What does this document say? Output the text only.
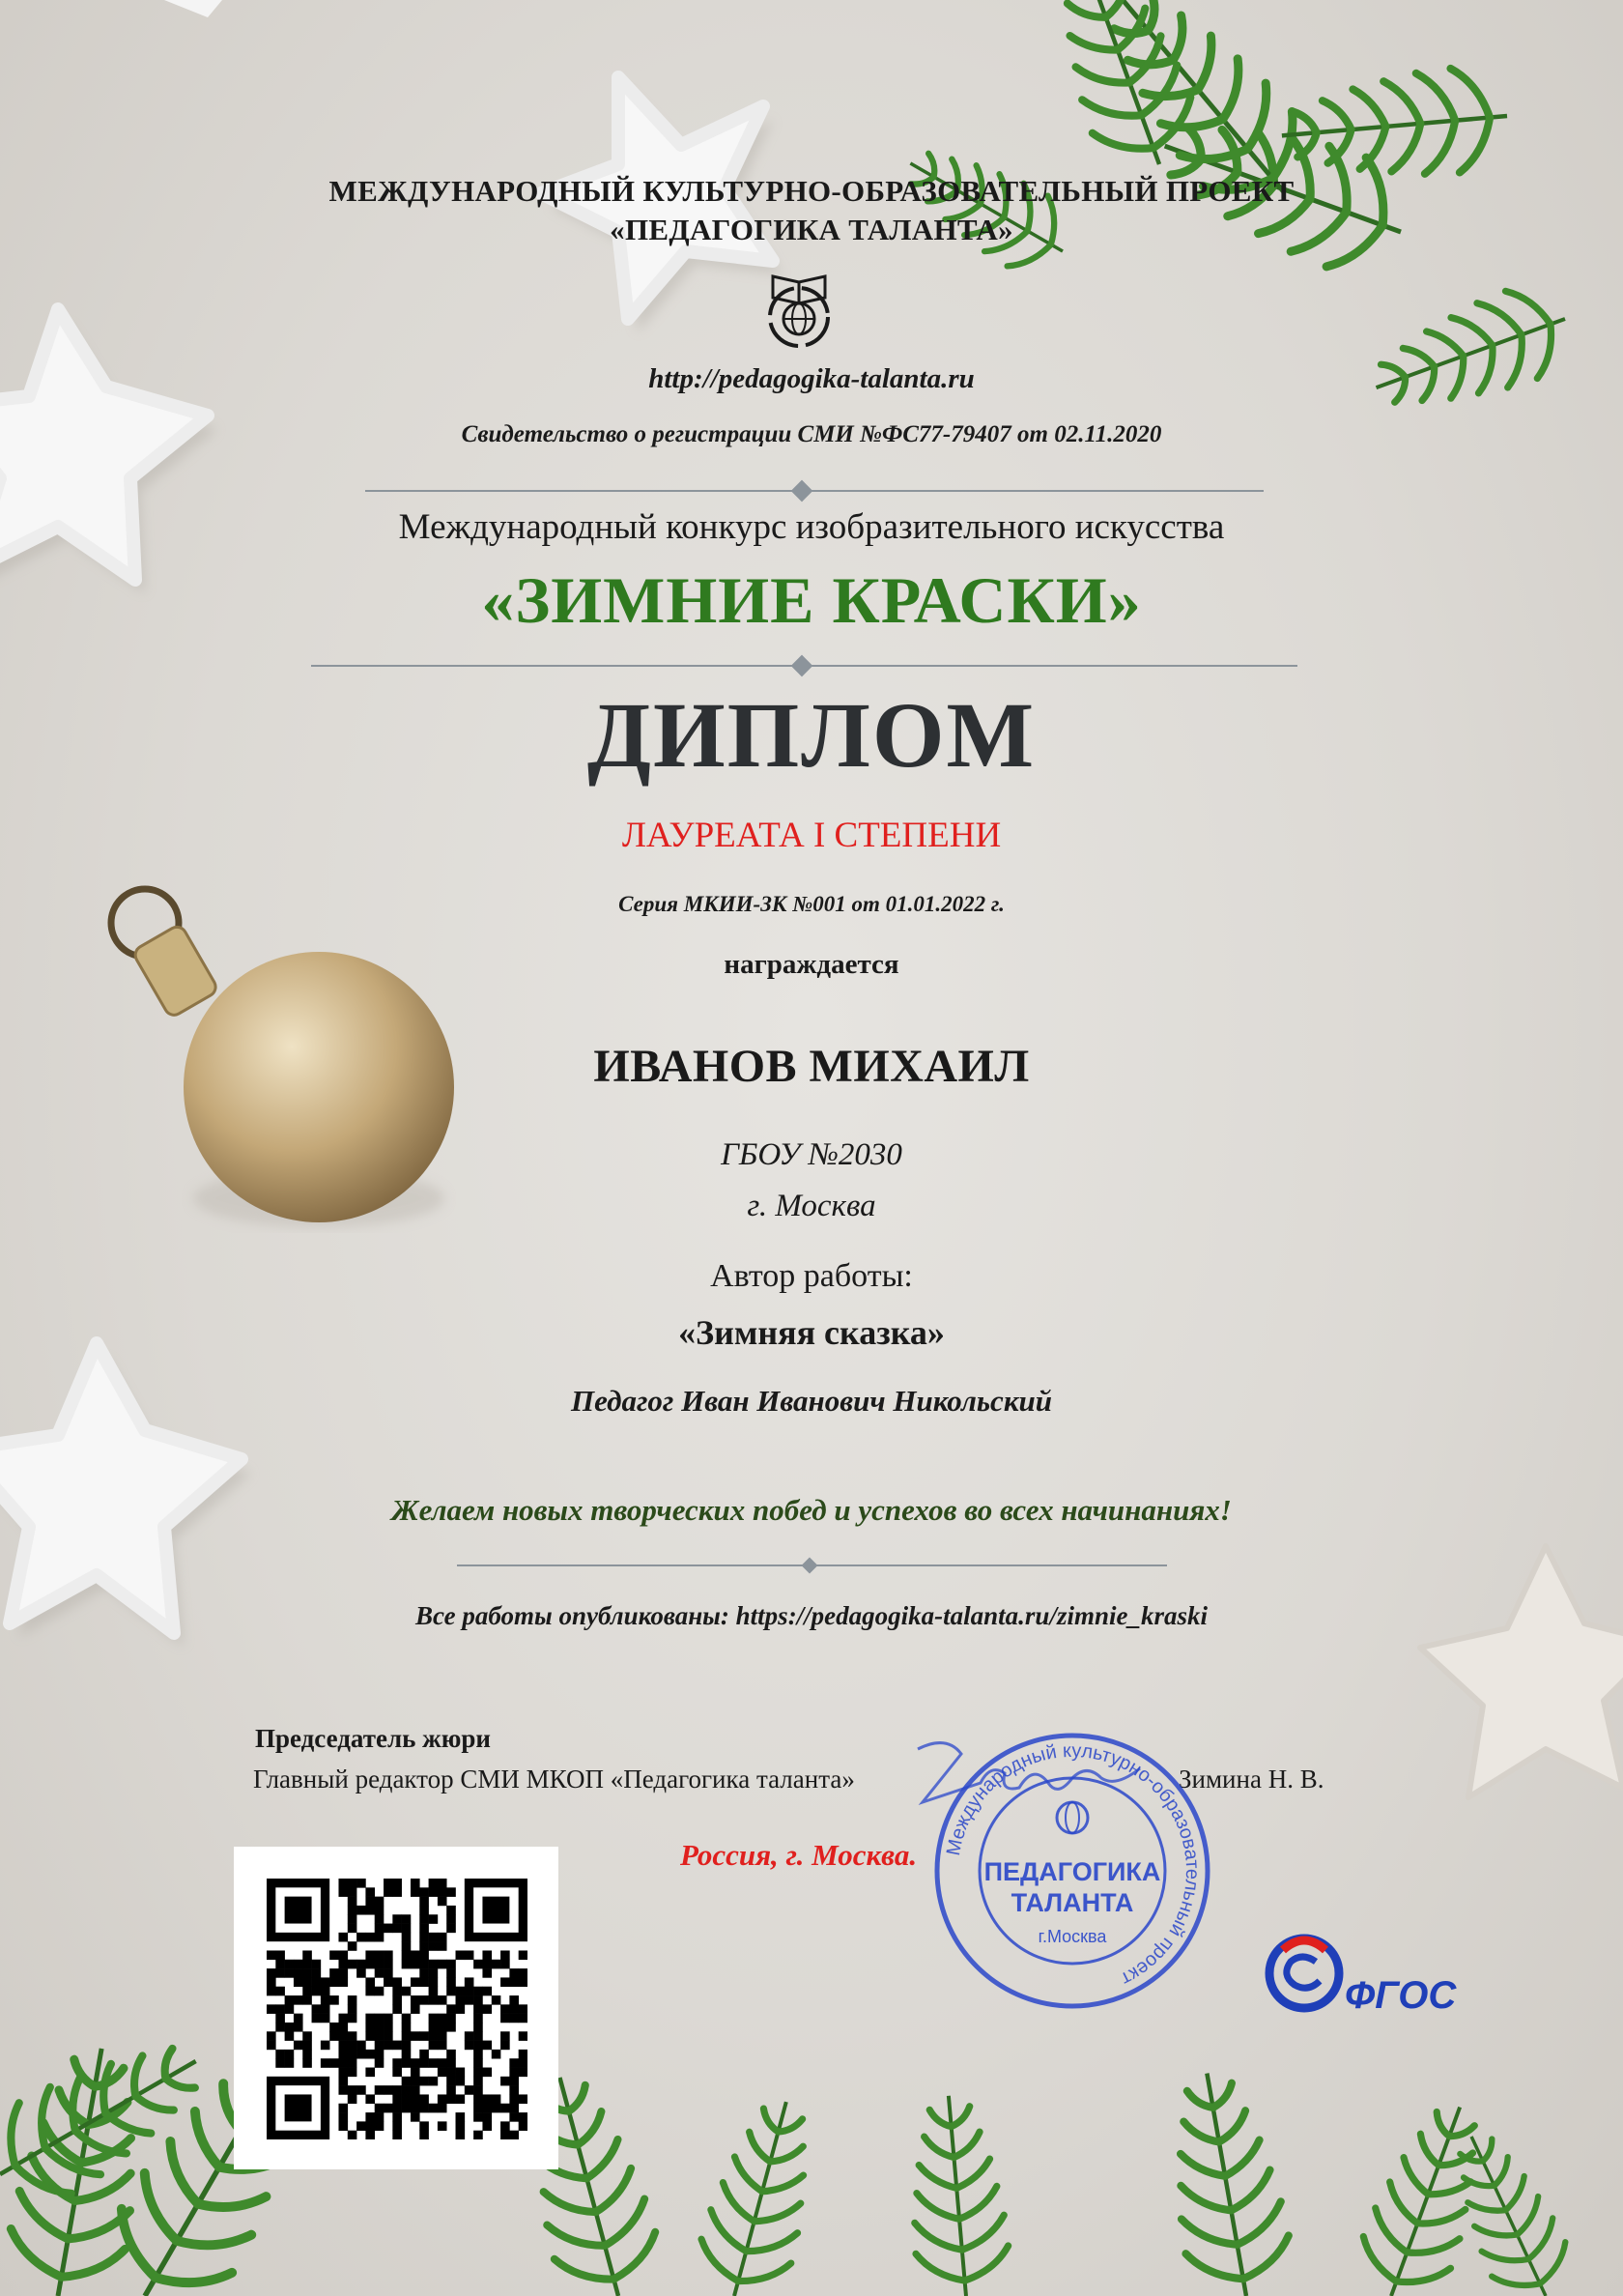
МЕЖДУНАРОДНЫЙ КУЛЬТУРНО-ОБРАЗОВАТЕЛЬНЫЙ ПРОЕКТ
«ПЕДАГОГИКА ТАЛАНТА»
http://pedagogika-talanta.ru
Свидетельство о регистрации СМИ №ФС77-79407 от 02.11.2020
Международный конкурс изобразительного искусства
«ЗИМНИЕ КРАСКИ»
ДИПЛОМ
ЛАУРЕАТА I СТЕПЕНИ
Серия МКИИ-ЗК №001 от 01.01.2022 г.
награждается
ИВАНОВ МИХАИЛ
ГБОУ №2030
г. Москва
Автор работы:
«Зимняя сказка»
Педагог Иван Иванович Никольский
Желаем новых творческих побед и успехов во всех начинаниях!
Все работы опубликованы: https://pedagogika-talanta.ru/zimnie_kraski
Председатель жюри
Главный редактор СМИ МКОП «Педагогика таланта»	Зимина Н. В.
Россия, г. Москва. Международный культурно-образовательный проект
ПЕДАГОГИКА
ТАЛАНТА
г.Москва
ФГОС
